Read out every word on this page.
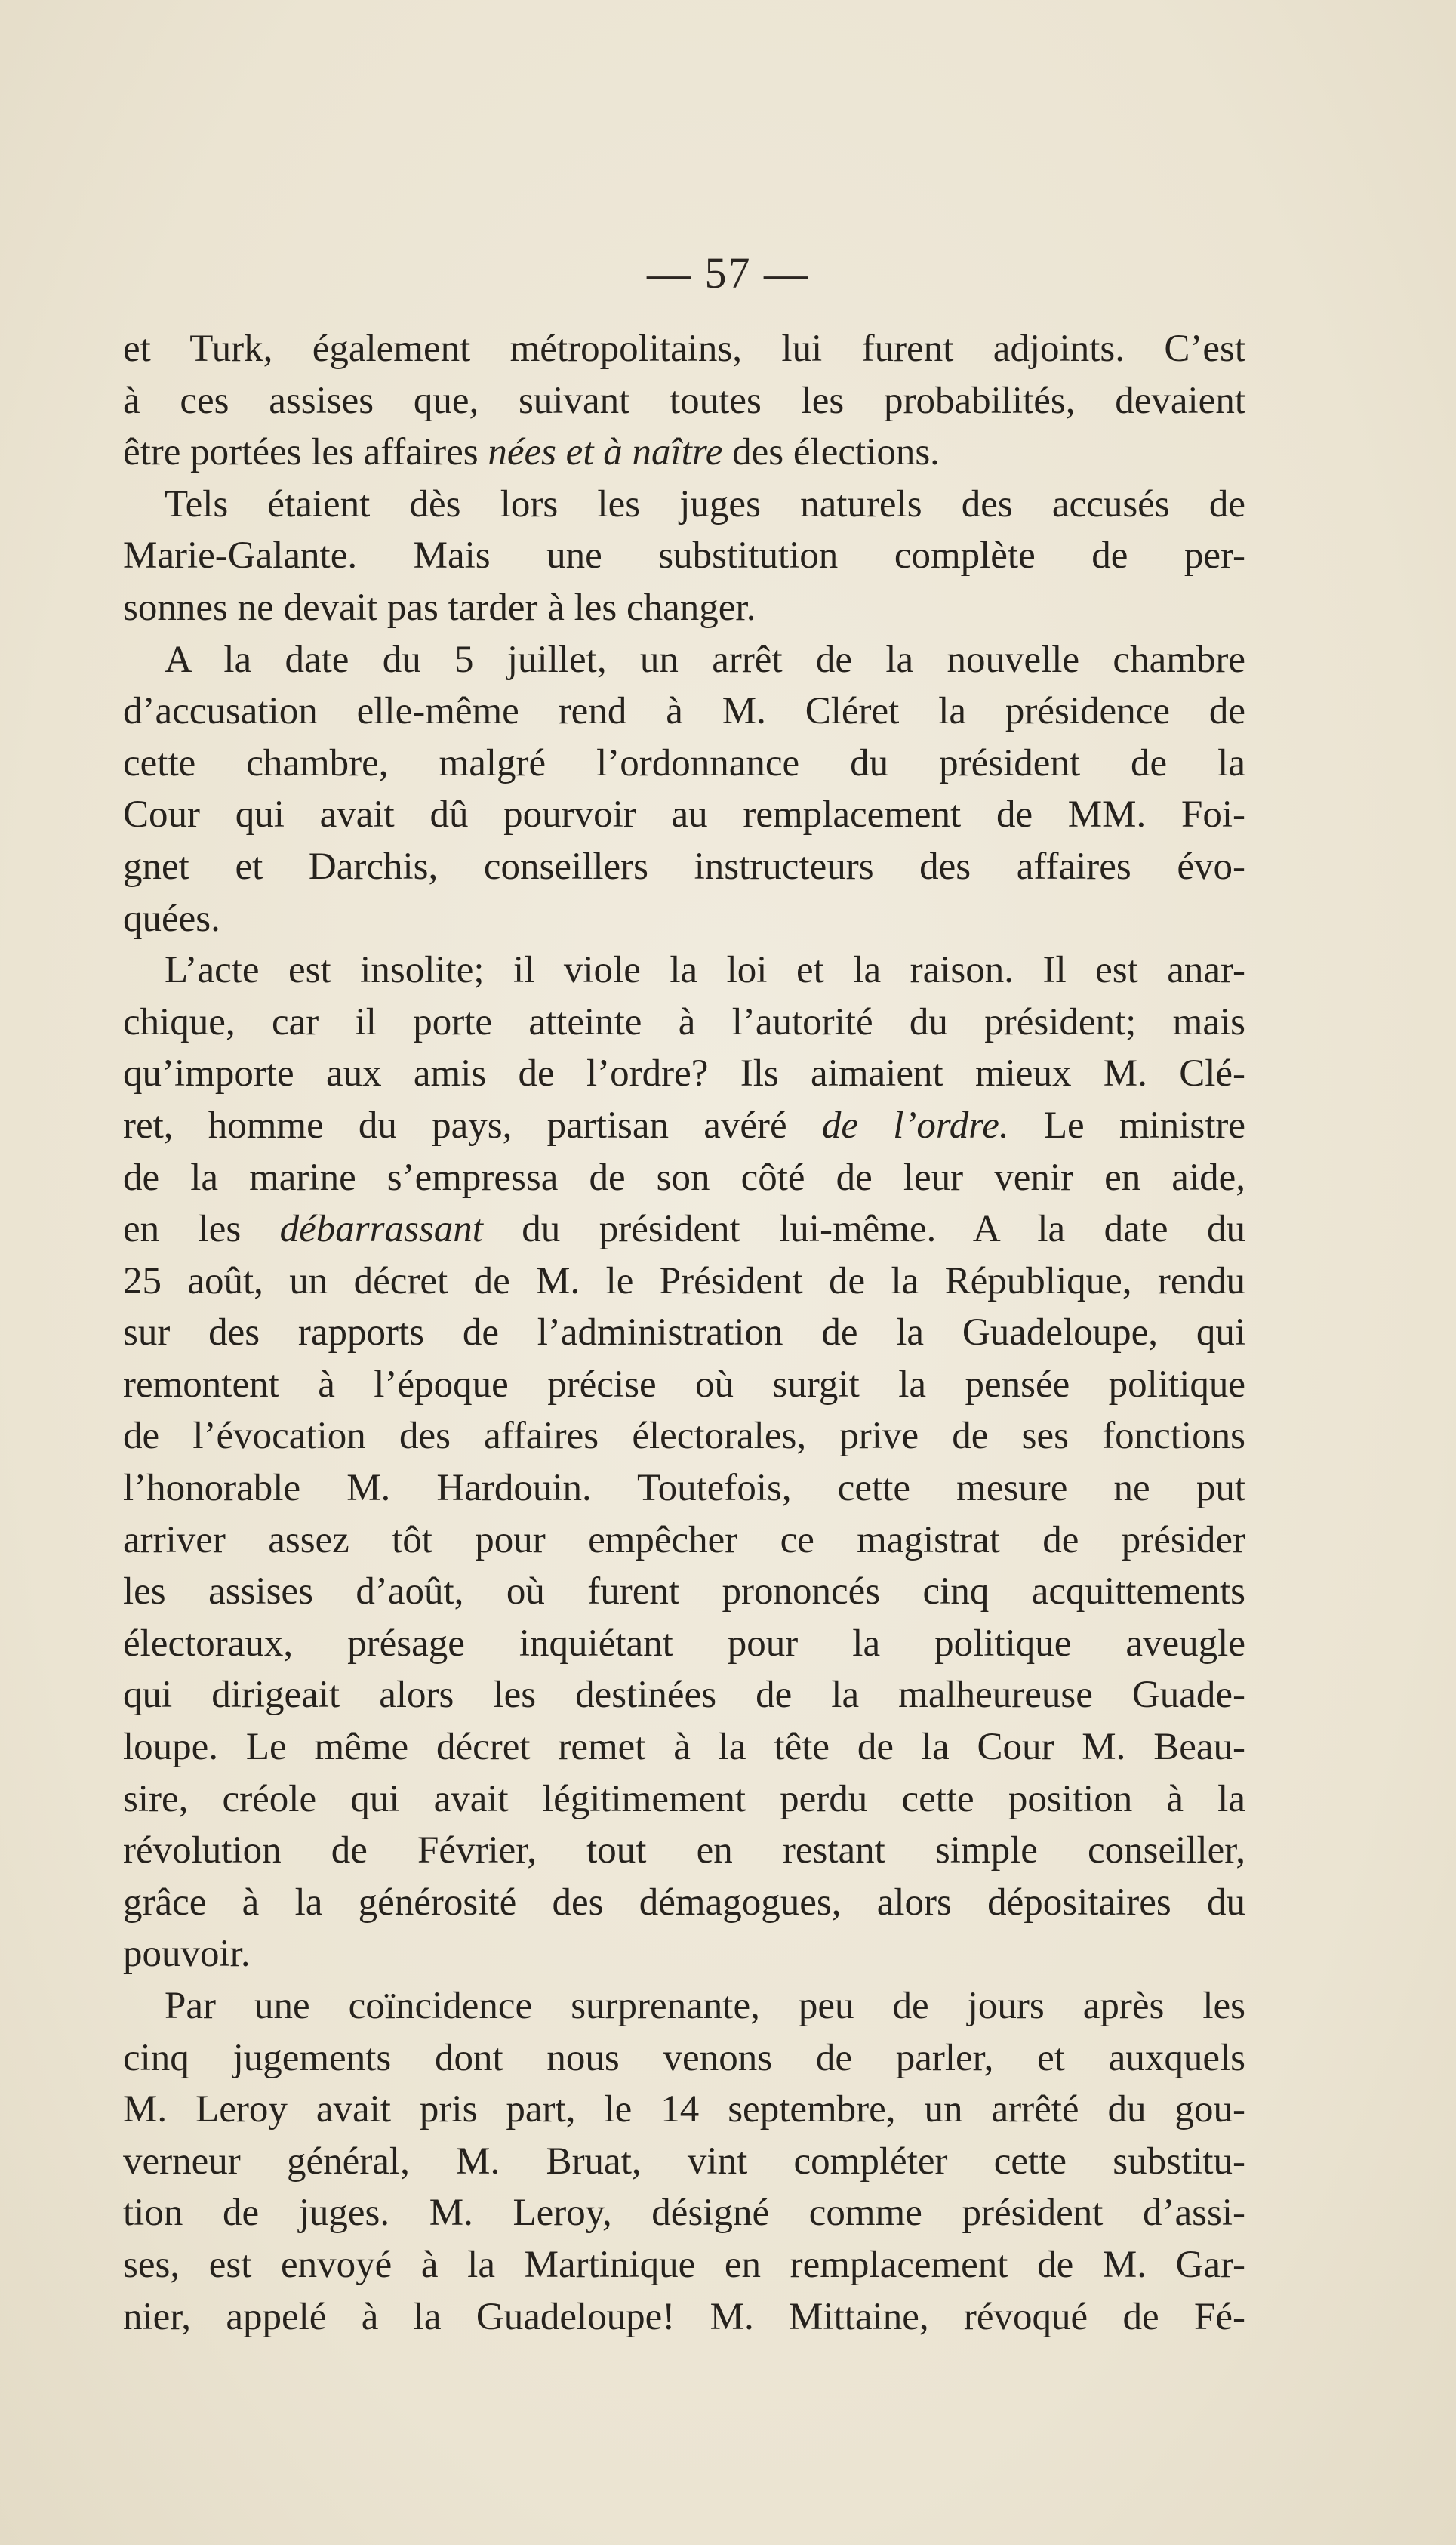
— 57 —
et Turk, également métropolitains, lui furent adjoints. C’est
à ces assises que, suivant toutes les probabilités, devaient
être portées les affaires nées et à naître des élections.
Tels étaient dès lors les juges naturels des accusés de
Marie-Galante. Mais une substitution complète de per-
sonnes ne devait pas tarder à les changer.
A la date du 5 juillet, un arrêt de la nouvelle chambre
d’accusation elle-même rend à M. Cléret la présidence de
cette chambre, malgré l’ordonnance du président de la
Cour qui avait dû pourvoir au remplacement de MM. Foi-
gnet et Darchis, conseillers instructeurs des affaires évo-
quées.
L’acte est insolite; il viole la loi et la raison. Il est anar-
chique, car il porte atteinte à l’autorité du président; mais
qu’importe aux amis de l’ordre? Ils aimaient mieux M. Clé-
ret, homme du pays, partisan avéré de l’ordre. Le ministre
de la marine s’empressa de son côté de leur venir en aide,
en les débarrassant du président lui-même. A la date du
25 août, un décret de M. le Président de la République, rendu
sur des rapports de l’administration de la Guadeloupe, qui
remontent à l’époque précise où surgit la pensée politique
de l’évocation des affaires électorales, prive de ses fonctions
l’honorable M. Hardouin. Toutefois, cette mesure ne put
arriver assez tôt pour empêcher ce magistrat de présider
les assises d’août, où furent prononcés cinq acquittements
électoraux, présage inquiétant pour la politique aveugle
qui dirigeait alors les destinées de la malheureuse Guade-
loupe. Le même décret remet à la tête de la Cour M. Beau-
sire, créole qui avait légitimement perdu cette position à la
révolution de Février, tout en restant simple conseiller,
grâce à la générosité des démagogues, alors dépositaires du
pouvoir.
Par une coïncidence surprenante, peu de jours après les
cinq jugements dont nous venons de parler, et auxquels
M. Leroy avait pris part, le 14 septembre, un arrêté du gou-
verneur général, M. Bruat, vint compléter cette substitu-
tion de juges. M. Leroy, désigné comme président d’assi-
ses, est envoyé à la Martinique en remplacement de M. Gar-
nier, appelé à la Guadeloupe! M. Mittaine, révoqué de Fé-
